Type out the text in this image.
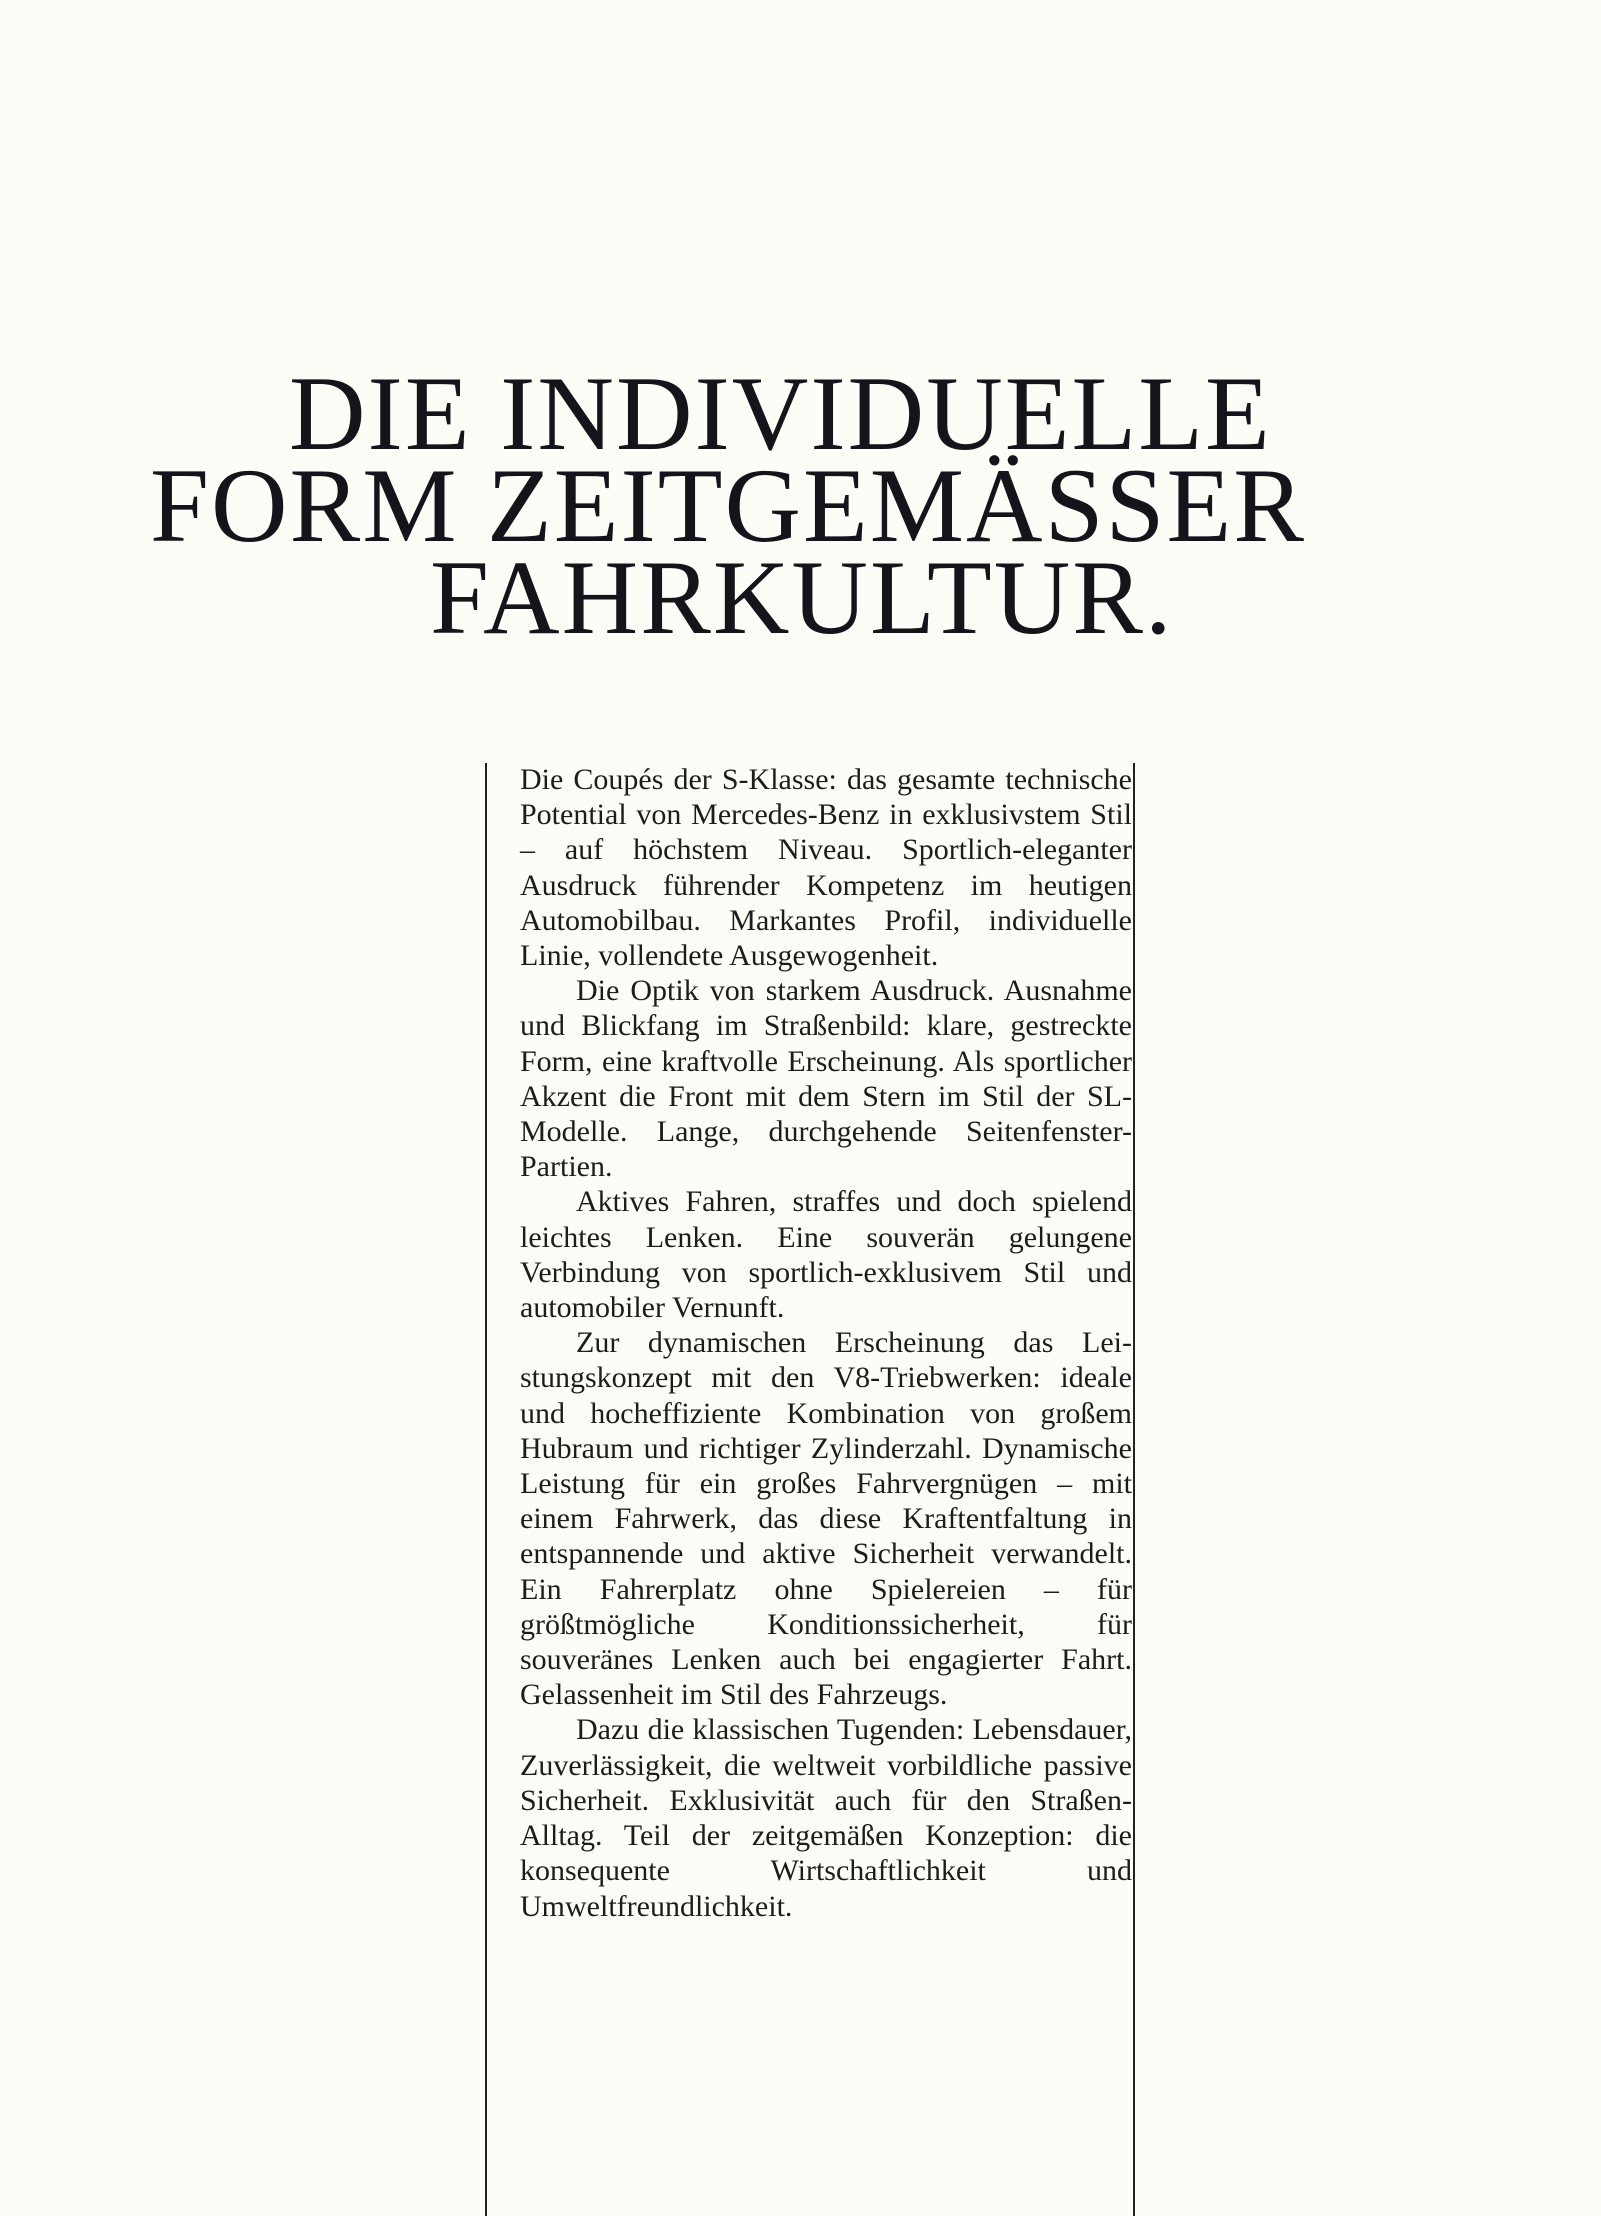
DIE INDIVIDUELLE
FORM ZEITGEMÄSSER
FAHRKULTUR.

Die Coupés der S-Klasse: das gesamte technische Potential von Mercedes-Benz in exklusivstem Stil – auf höchstem Niveau. Sportlich-eleganter Ausdruck führender Kompetenz im heutigen Automobilbau. Markantes Profil, individuelle Linie, vollendete Ausgewogenheit.

Die Optik von starkem Ausdruck. Ausnahme und Blickfang im Straßenbild: klare, gestreckte Form, eine kraftvolle Erscheinung. Als sportlicher Akzent die Front mit dem Stern im Stil der SL-Modelle. Lange, durchgehende Seitenfenster-Partien.

Aktives Fahren, straffes und doch spielend leichtes Lenken. Eine souverän gelungene Verbindung von sportlich-exklusivem Stil und automobiler Vernunft.

Zur dynamischen Erscheinung das Leistungskonzept mit den V8-Triebwerken: ideale und hocheffiziente Kombination von großem Hubraum und richtiger Zylinderzahl. Dynamische Leistung für ein großes Fahrvergnügen – mit einem Fahrwerk, das diese Kraftentfaltung in entspannende und aktive Sicherheit verwandelt. Ein Fahrerplatz ohne Spielereien – für größtmögliche Konditionssicherheit, für souveränes Lenken auch bei engagierter Fahrt. Gelassenheit im Stil des Fahrzeugs.

Dazu die klassischen Tugenden: Lebensdauer, Zuverlässigkeit, die weltweit vorbildliche passive Sicherheit. Exklusivität auch für den Straßen-Alltag. Teil der zeitgemäßen Konzeption: die konsequente Wirtschaftlichkeit und Umweltfreundlichkeit.
